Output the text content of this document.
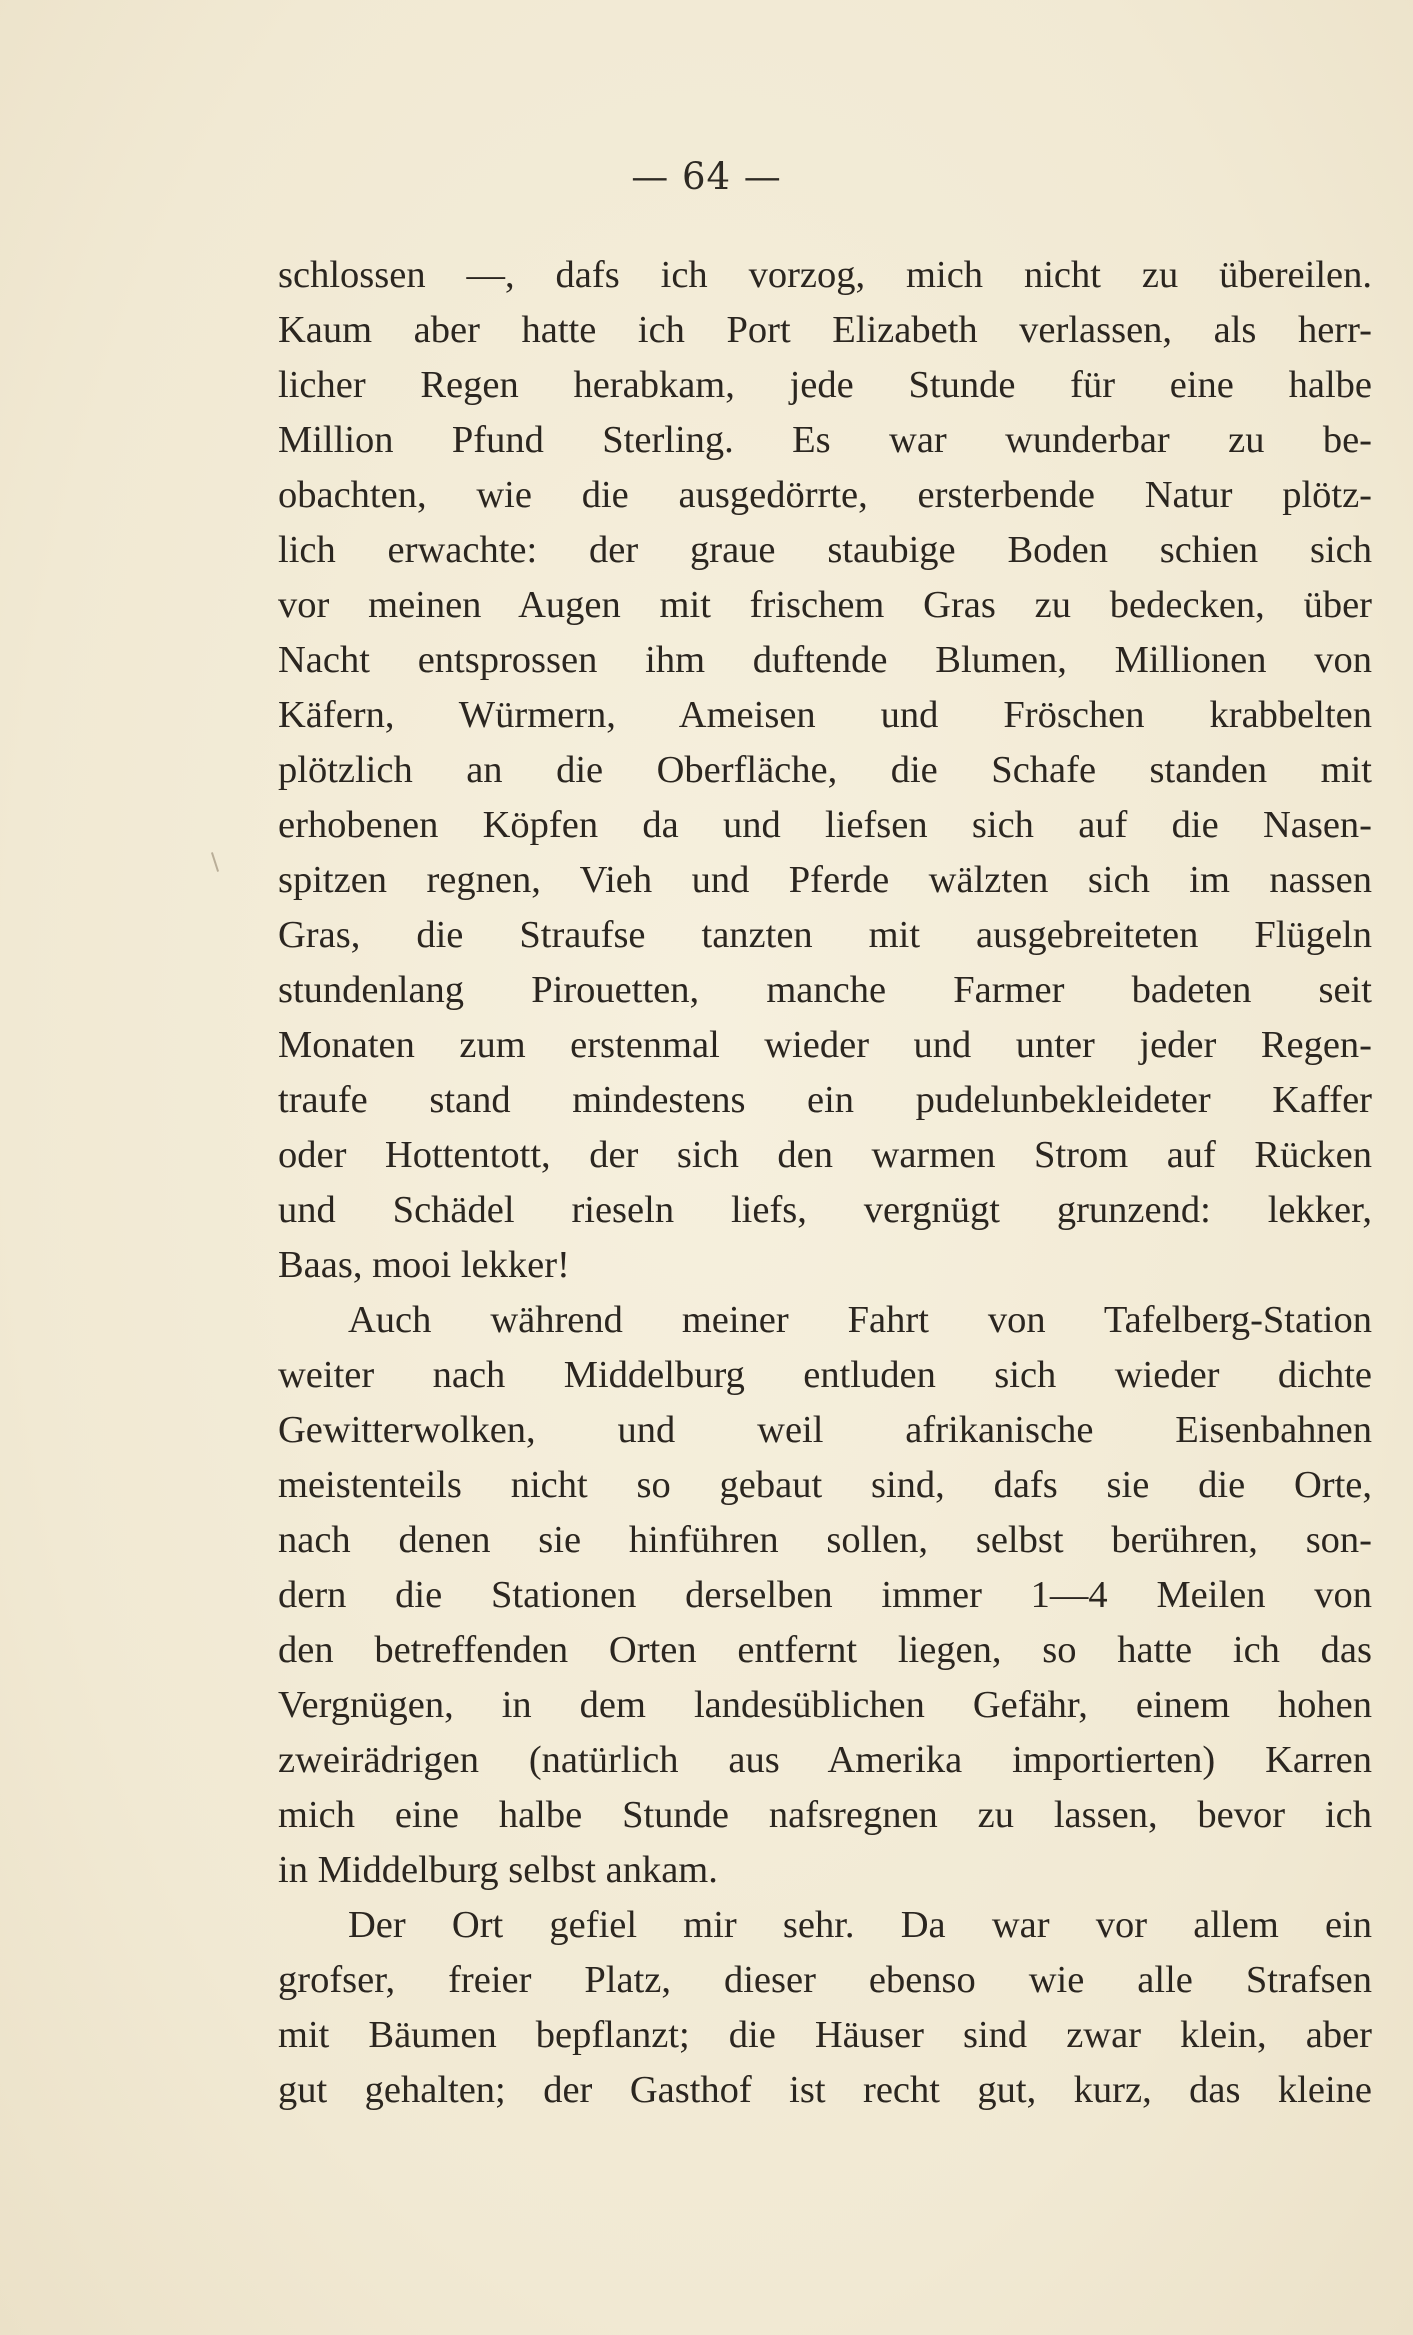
— 64 —
schlossen —, dafs ich vorzog, mich nicht zu übereilen.
Kaum aber hatte ich Port Elizabeth verlassen, als herr-
licher Regen herabkam, jede Stunde für eine halbe
Million Pfund Sterling. Es war wunderbar zu be-
obachten, wie die ausgedörrte, ersterbende Natur plötz-
lich erwachte: der graue staubige Boden schien sich
vor meinen Augen mit frischem Gras zu bedecken, über
Nacht entsprossen ihm duftende Blumen, Millionen von
Käfern, Würmern, Ameisen und Fröschen krabbelten
plötzlich an die Oberfläche, die Schafe standen mit
erhobenen Köpfen da und liefsen sich auf die Nasen-
spitzen regnen, Vieh und Pferde wälzten sich im nassen
Gras, die Straufse tanzten mit ausgebreiteten Flügeln
stundenlang Pirouetten, manche Farmer badeten seit
Monaten zum erstenmal wieder und unter jeder Regen-
traufe stand mindestens ein pudelunbekleideter Kaffer
oder Hottentott, der sich den warmen Strom auf Rücken
und Schädel rieseln liefs, vergnügt grunzend: lekker,
Baas, mooi lekker!
Auch während meiner Fahrt von Tafelberg-Station
weiter nach Middelburg entluden sich wieder dichte
Gewitterwolken, und weil afrikanische Eisenbahnen
meistenteils nicht so gebaut sind, dafs sie die Orte,
nach denen sie hinführen sollen, selbst berühren, son-
dern die Stationen derselben immer 1—4 Meilen von
den betreffenden Orten entfernt liegen, so hatte ich das
Vergnügen, in dem landesüblichen Gefähr, einem hohen
zweirädrigen (natürlich aus Amerika importierten) Karren
mich eine halbe Stunde nafsregnen zu lassen, bevor ich
in Middelburg selbst ankam.
Der Ort gefiel mir sehr. Da war vor allem ein
grofser, freier Platz, dieser ebenso wie alle Strafsen
mit Bäumen bepflanzt; die Häuser sind zwar klein, aber
gut gehalten; der Gasthof ist recht gut, kurz, das kleine
